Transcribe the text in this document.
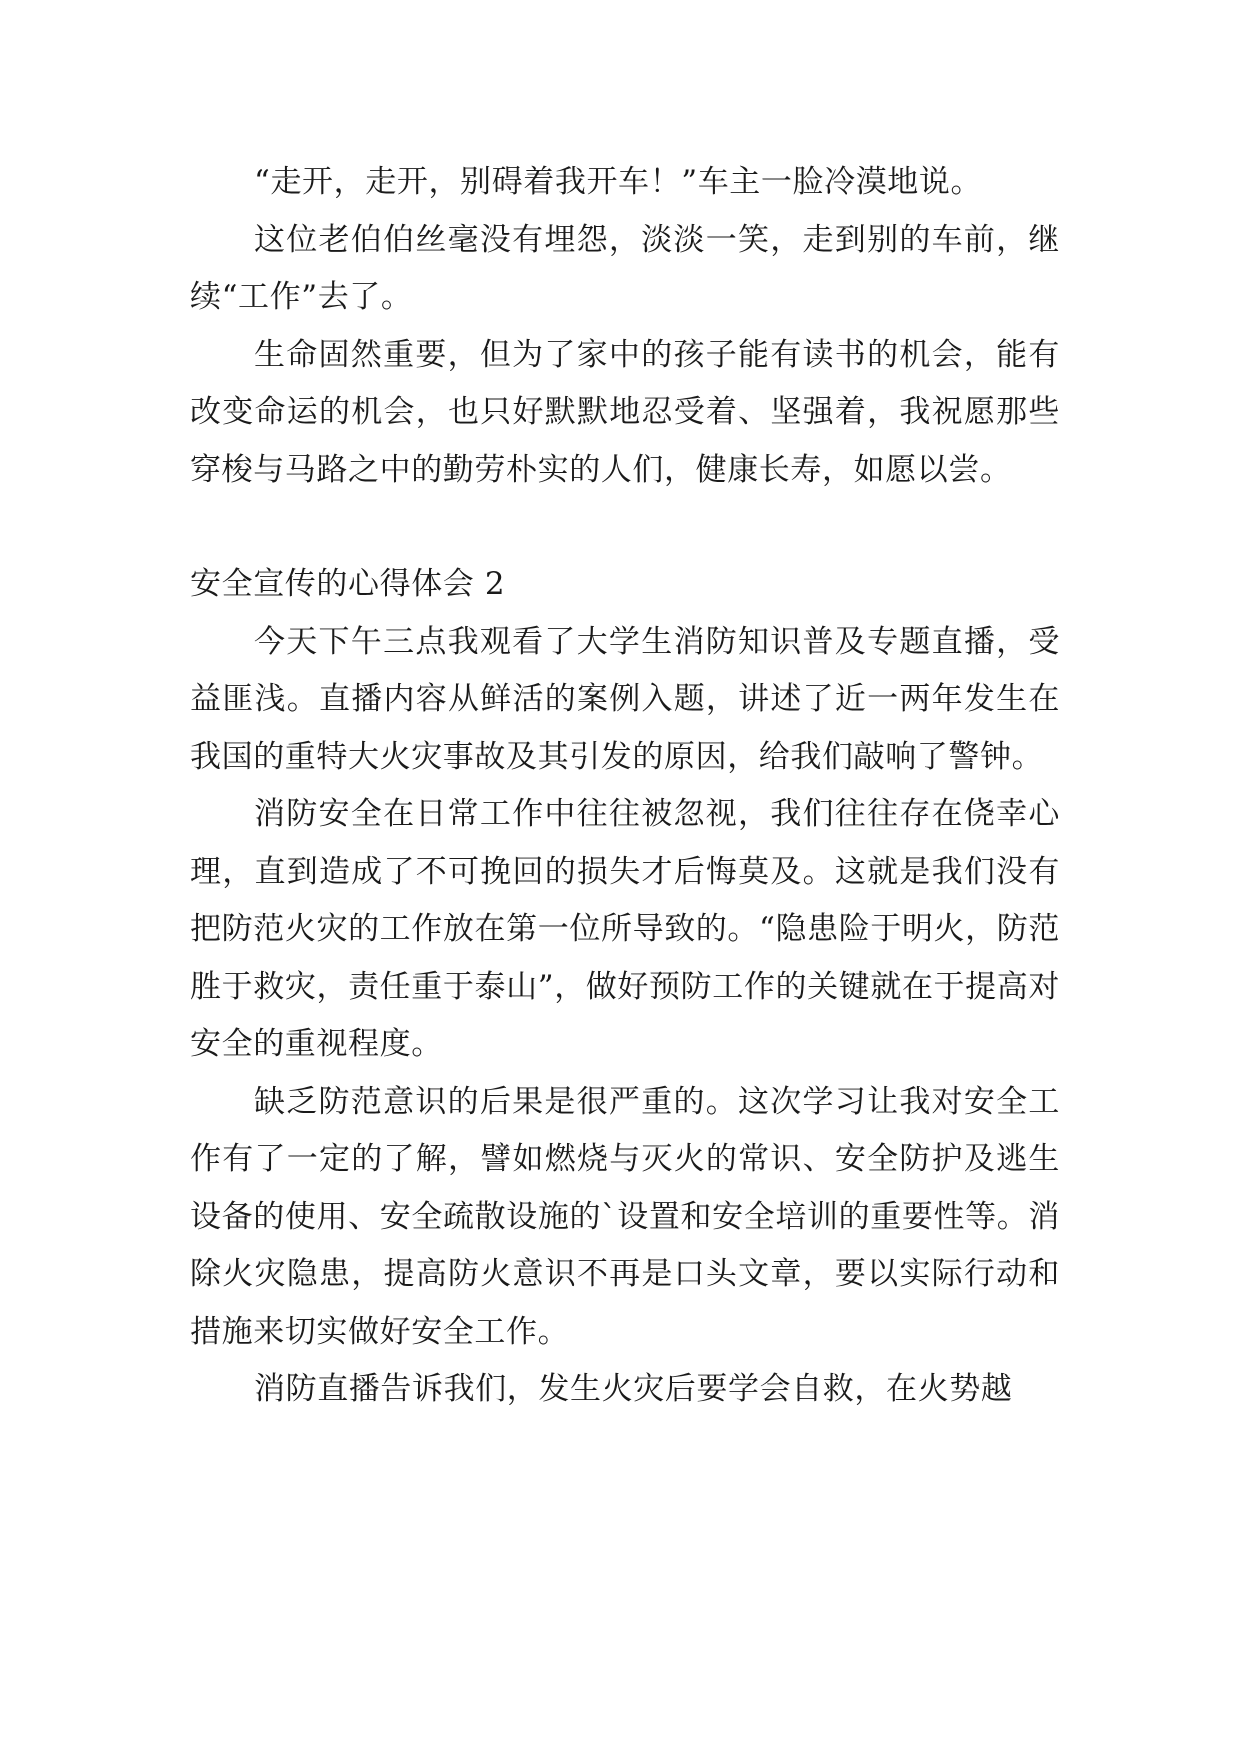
“走开，走开，别碍着我开车！”车主一脸冷漠地说。

这位老伯伯丝毫没有埋怨，淡淡一笑，走到别的车前，继续“工作”去了。

生命固然重要，但为了家中的孩子能有读书的机会，能有改变命运的机会，也只好默默地忍受着、坚强着，我祝愿那些穿梭与马路之中的勤劳朴实的人们，健康长寿，如愿以尝。

安全宣传的心得体会 2

今天下午三点我观看了大学生消防知识普及专题直播，受益匪浅。直播内容从鲜活的案例入题，讲述了近一两年发生在我国的重特大火灾事故及其引发的原因，给我们敲响了警钟。

消防安全在日常工作中往往被忽视，我们往往存在侥幸心理，直到造成了不可挽回的损失才后悔莫及。这就是我们没有把防范火灾的工作放在第一位所导致的。“隐患险于明火，防范胜于救灾，责任重于泰山”，做好预防工作的关键就在于提高对安全的重视程度。

缺乏防范意识的后果是很严重的。这次学习让我对安全工作有了一定的了解，譬如燃烧与灭火的常识、安全防护及逃生设备的使用、安全疏散设施的`设置和安全培训的重要性等。消除火灾隐患，提高防火意识不再是口头文章，要以实际行动和措施来切实做好安全工作。

消防直播告诉我们，发生火灾后要学会自救，在火势越
